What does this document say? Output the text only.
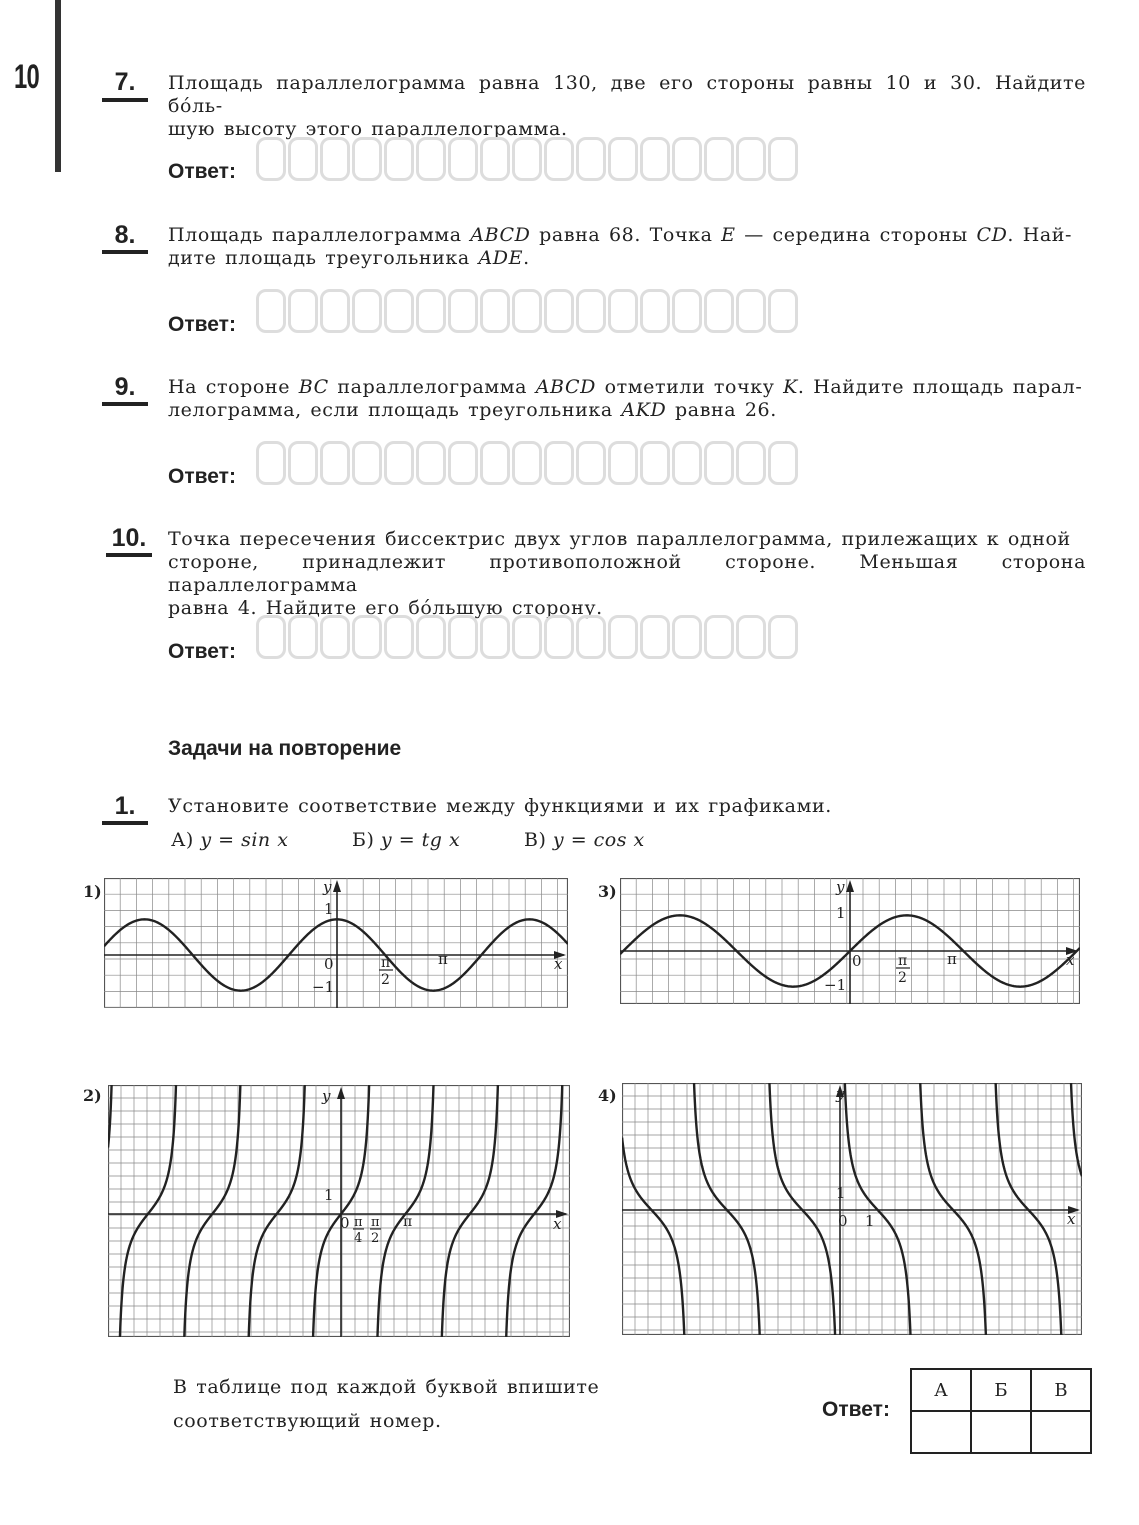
10	7.	Площадь параллелограмма равна 130, две его стороны равны 10 и 30. Найдите бóль-
шую высоту этого параллелограмма.
Ответ:
8.	Площадь параллелограмма ABCD равна 68. Точка E — середина стороны CD. Най-
дите площадь треугольника ADE.
Ответ:
9.	На стороне BC параллелограмма ABCD отметили точку K. Найдите площадь парал-
лелограмма, если площадь треугольника AKD равна 26.
Ответ:
10. Точка пересечения биссектрис двух углов параллелограмма, прилежащих к одной
стороне, принадлежит противоположной стороне. Меньшая сторона параллелограмма
равна 4. Найдите его бóльшую сторону.
Ответ:
Задачи на повторение
1.	Установите соответствие между функциями и их графиками.
А) y = sin x	Б) y = tg x	В) y = cos x
1)	y
x
1
0
−1
π
π
2
3)	y
x
1
0
−1
π
π
2
2)	y
x
1
0 π
4
π
2
π
4)	y
x
1
0 1
В таблице под каждой буквой впишите
соответствующий номер.	Ответ:
А	Б	В
